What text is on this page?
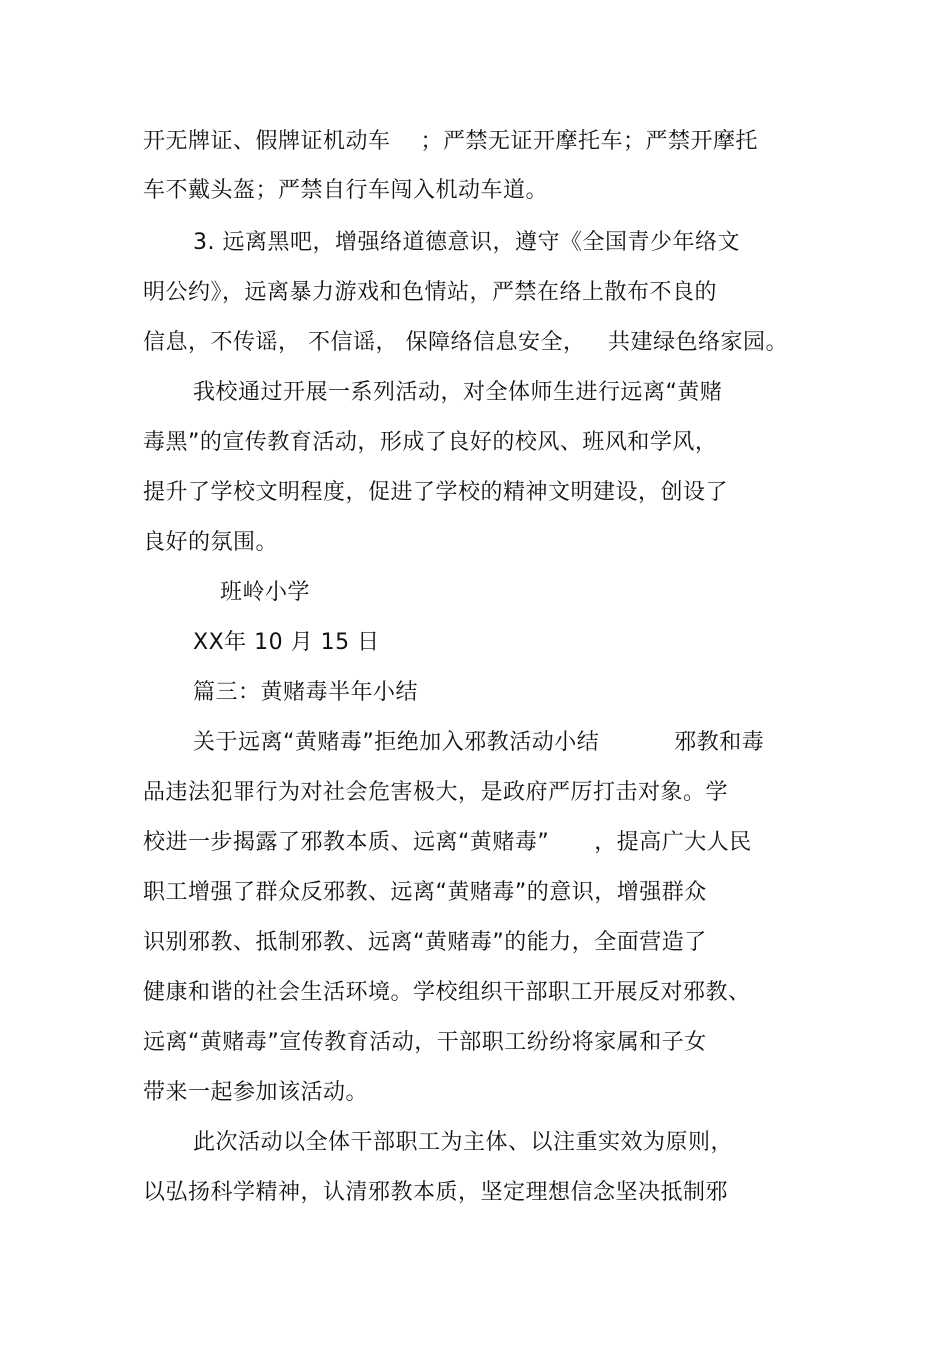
开无牌证、假牌证机动车    ；严禁无证开摩托车；严禁开摩托
车不戴头盔；严禁自行车闯入机动车道。
3. 远离黑吧，增强络道德意识，遵守《全国青少年络文
明公约》，远离暴力游戏和色情站，严禁在络上散布不良的
信息，不传谣， 不信谣， 保障络信息安全，   共建绿色络家园。
我校通过开展一系列活动，对全体师生进行远离“黄赌
毒黑”的宣传教育活动，形成了良好的校风、班风和学风，
提升了学校文明程度，促进了学校的精神文明建设，创设了
良好的氛围。
班岭小学
XX年 10 月 15 日
篇三：黄赌毒半年小结
关于远离“黄赌毒”拒绝加入邪教活动小结          邪教和毒
品违法犯罪行为对社会危害极大，是政府严厉打击对象。学
校进一步揭露了邪教本质、远离“黄赌毒”      ，提高广大人民
职工增强了群众反邪教、远离“黄赌毒”的意识，增强群众
识别邪教、抵制邪教、远离“黄赌毒”的能力，全面营造了
健康和谐的社会生活环境。学校组织干部职工开展反对邪教、
远离“黄赌毒”宣传教育活动，干部职工纷纷将家属和子女
带来一起参加该活动。
此次活动以全体干部职工为主体、以注重实效为原则，
以弘扬科学精神，认清邪教本质，坚定理想信念坚决抵制邪
